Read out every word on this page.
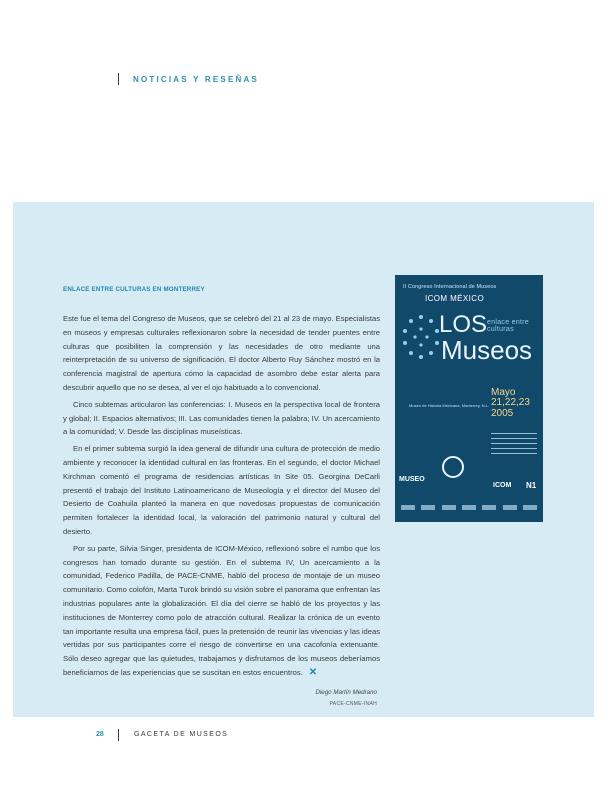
NOTICIAS Y RESEÑAS
ENLACE ENTRE CULTURAS EN MONTERREY

Este fue el tema del Congreso de Museos, que se celebró del 21 al 23 de mayo. Especialistas en museos y empresas culturales reflexionaron sobre la necesidad de tender puentes entre culturas que posibiliten la comprensión y las necesidades de otro mediante una reinterpretación de su universo de significación. El doctor Alberto Ruy Sánchez mostró en la conferencia magistral de apertura cómo la capacidad de asombro debe estar alerta para descubrir aquello que no se desea, al ver el ojo habituado a lo convencional.

Cinco subtemas articularon las conferencias: I. Museos en la perspectiva local de frontera y global; II. Espacios alternativos; III. Las comunidades tienen la palabra; IV. Un acercamiento a la comunidad; V. Desde las disciplinas museísticas.

En el primer subtema surgió la idea general de difundir una cultura de protección de medio ambiente y reconocer la identidad cultural en las fronteras. En el segundo, el doctor Michael Kirchman comentó el programa de residencias artísticas In Site 05. Georgina DeCarli presentó el trabajo del Instituto Latinoamericano de Museología y el director del Museo del Desierto de Coahuila planteó la manera en que novedosas propuestas de comunicación permiten fortalecer la identidad local, la valoración del patrimonio natural y cultural del desierto.

Por su parte, Silvia Singer, presidenta de ICOM-México, reflexionó sobre el rumbo que los congresos han tomado durante su gestión. En el subtema IV, Un acercamiento a la comunidad, Federico Padilla, de PACE-CNME, habló del proceso de montaje de un museo comunitario. Como colofón, Marta Turok brindó su visión sobre el panorama que enfrentan las industrias populares ante la globalización. El día del cierre se habló de los proyectos y las instituciones de Monterrey como polo de atracción cultural. Realizar la crónica de un evento tan importante resulta una empresa fácil, pues la pretensión de reunir las vivencias y las ideas vertidas por sus participantes corre el riesgo de convertirse en una cacofonía extenuante. Sólo deseo agregar que las quietudes, trabajamos y disfrutamos de los museos deberíamos beneficiarnos de las experiencias que se suscitan en estos encuentros. ✕

Diego Martín Medrano
PACE-CNME-INAH
II Congreso Internacional de Museos
ICOM MÉXICO
LOS enlace entre culturas
Museos
Mayo
21,22,23
2005
Museo de Historia Mexicana, Monterrey, N.L.
MUSEO
ICOM N1
28	GACETA DE MUSEOS
